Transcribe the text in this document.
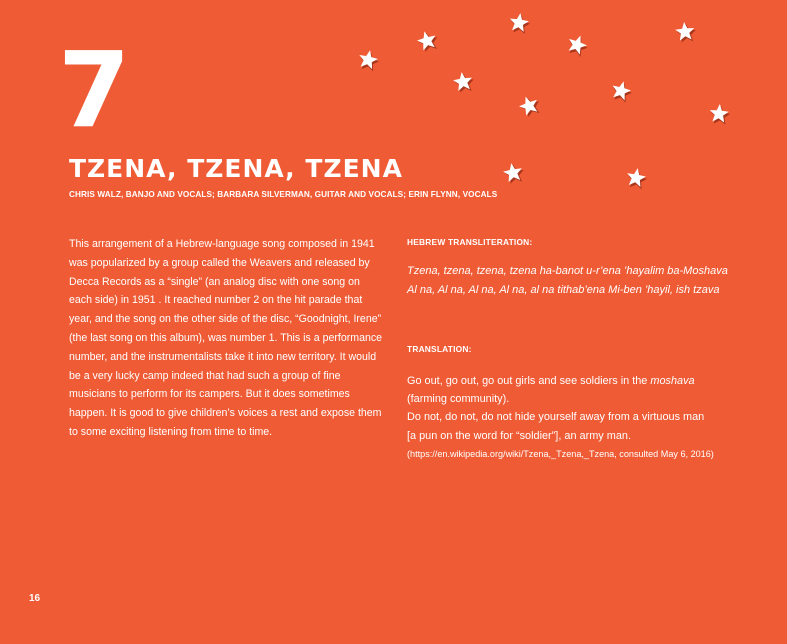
7
TZENA, TZENA, TZENA
CHRIS WALZ, BANJO AND VOCALS; BARBARA SILVERMAN, GUITAR AND VOCALS; ERIN FLYNN, VOCALS

This arrangement of a Hebrew-language song composed in 1941 was popularized by a group called the Weavers and released by Decca Records as a “single” (an analog disc with one song on each side) in 1951 . It reached number 2 on the hit parade that year, and the song on the other side of the disc, “Goodnight, Irene” (the last song on this album), was number 1. This is a performance number, and the instrumentalists take it into new territory. It would be a very lucky camp indeed that had such a group of fine musicians to perform for its campers. But it does sometimes happen. It is good to give children’s voices a rest and expose them to some exciting listening from time to time.

HEBREW TRANSLITERATION:

Tzena, tzena, tzena, tzena ha-banot u-r’ena ’hayalim ba-Moshava
Al na, Al na, Al na, Al na, al na tithab’ena Mi-ben ’hayil, ish tzava

TRANSLATION:

Go out, go out, go out girls and see soldiers in the moshava
(farming community).
Do not, do not, do not hide yourself away from a virtuous man
[a pun on the word for “soldier”], an army man.
(https://en.wikipedia.org/wiki/Tzena,_Tzena,_Tzena, consulted May 6, 2016)

16
